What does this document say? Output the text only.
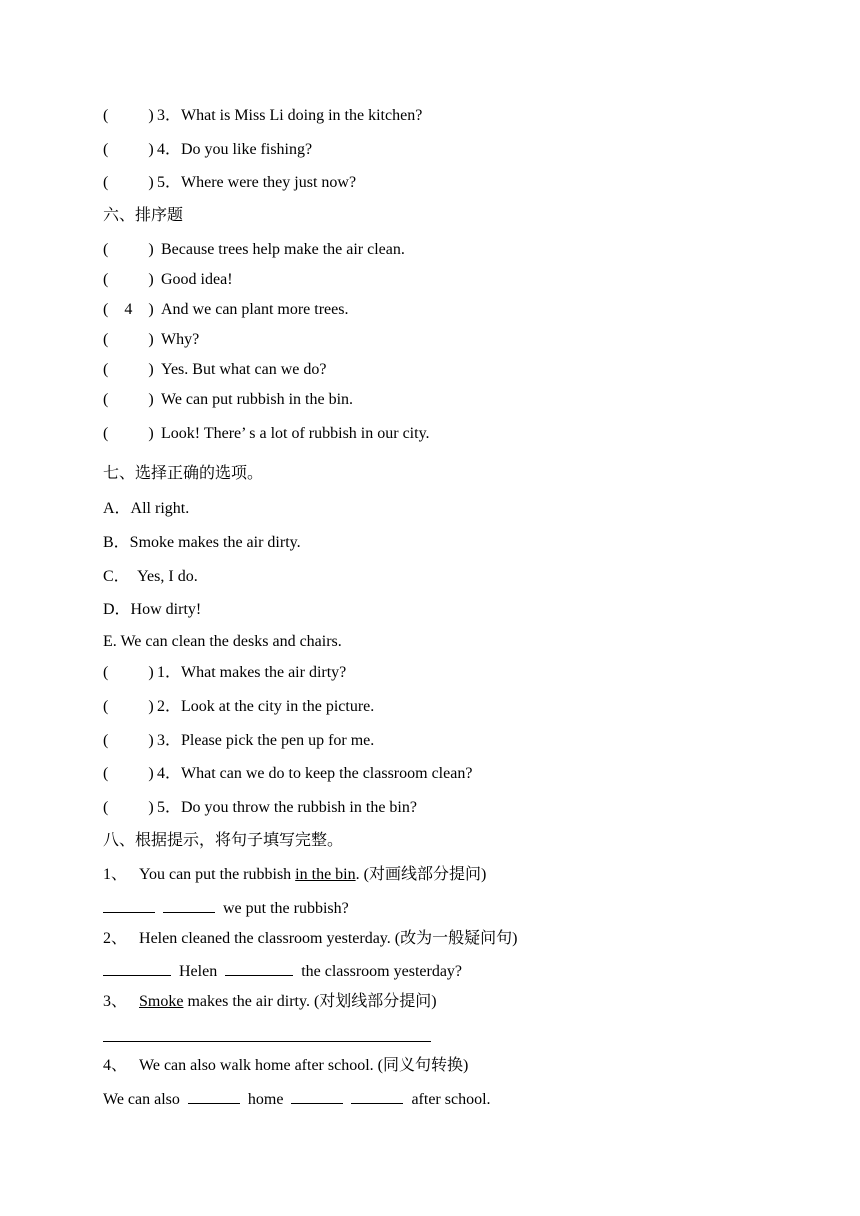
(          ) 3．What is Miss Li doing in the kitchen?
(          ) 4．Do you like fishing?
(          ) 5．Where were they just now?
六、排序题
(          ) Because trees help make the air clean.
(          ) Good idea!
(    4    ) And we can plant more trees.
(          ) Why?
(          ) Yes. But what can we do?
(          ) We can put rubbish in the bin.
(          ) Look! There’ s a lot of rubbish in our city.
七、选择正确的选项。
A．All right.
B．Smoke makes the air dirty.
C．  Yes, I do.
D．How dirty!
E. We can clean the desks and chairs.
(          ) 1．What makes the air dirty?
(          ) 2．Look at the city in the picture.
(          ) 3．Please pick the pen up for me.
(          ) 4．What can we do to keep the classroom clean?
(          ) 5．Do you throw the rubbish in the bin?
八、根据提示，将句子填写完整。
1、 You can put the rubbish in the bin. (对画线部分提问)
we put the rubbish?
2、 Helen cleaned the classroom yesterday. (改为一般疑问句)
Helen	the classroom yesterday?
3、 Smoke makes the air dirty. (对划线部分提问)
4、 We can also walk home after school. (同义句转换)
We can also	home	after school.
